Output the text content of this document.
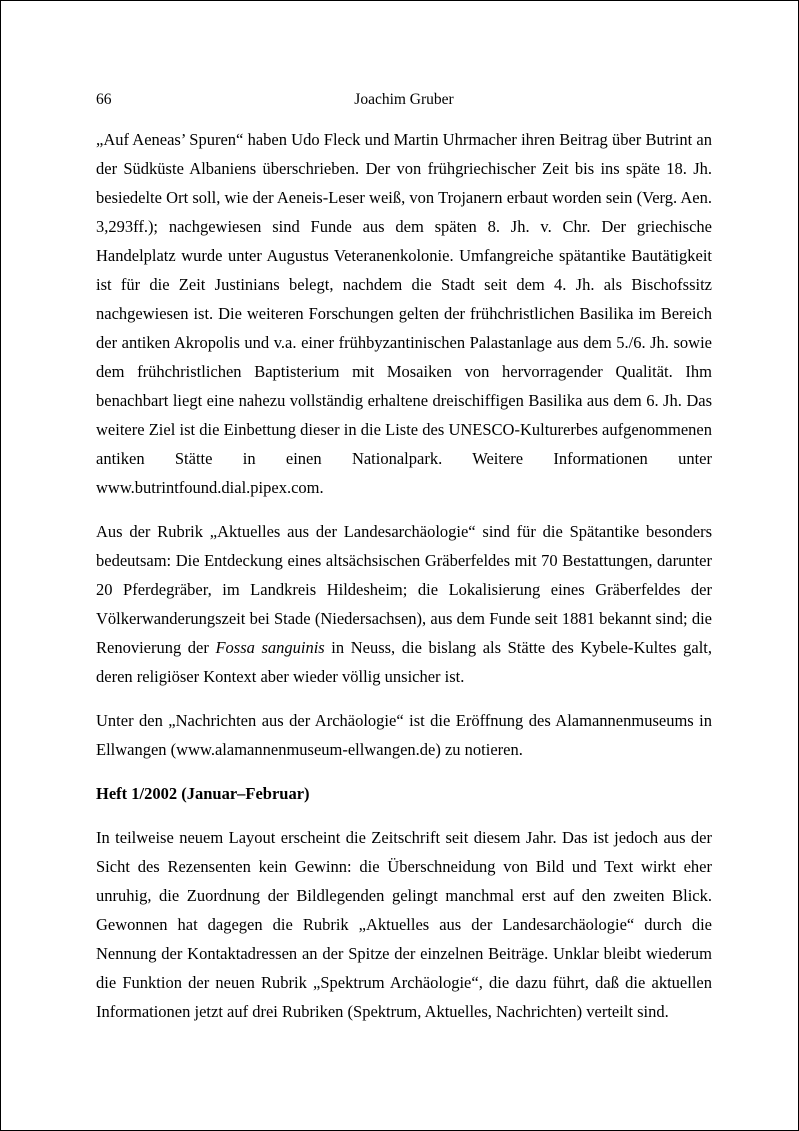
66	Joachim Gruber

„Auf Aeneas’ Spuren“ haben Udo Fleck und Martin Uhrmacher ihren Beitrag über Butrint an der Südküste Albaniens überschrieben. Der von frühgriechischer Zeit bis ins späte 18. Jh. besiedelte Ort soll, wie der Aeneis-Leser weiß, von Trojanern erbaut worden sein (Verg. Aen. 3,293ff.); nachgewiesen sind Funde aus dem späten 8. Jh. v. Chr. Der griechische Handelplatz wurde unter Augustus Veteranenkolonie. Umfangreiche spätantike Bautätigkeit ist für die Zeit Justinians belegt, nachdem die Stadt seit dem 4. Jh. als Bischofssitz nachgewiesen ist. Die weiteren Forschungen gelten der frühchristlichen Basilika im Bereich der antiken Akropolis und v.a. einer frühbyzantinischen Palastanlage aus dem 5./6. Jh. sowie dem frühchristlichen Baptisterium mit Mosaiken von hervorragender Qualität. Ihm benachbart liegt eine nahezu vollständig erhaltene dreischiffigen Basilika aus dem 6. Jh. Das weitere Ziel ist die Einbettung dieser in die Liste des UNESCO-Kulturerbes aufgenommenen antiken Stätte in einen Nationalpark. Weitere Informationen unter www.butrintfound.dial.pipex.com.

Aus der Rubrik „Aktuelles aus der Landesarchäologie“ sind für die Spätantike besonders bedeutsam: Die Entdeckung eines altsächsischen Gräberfeldes mit 70 Bestattungen, darunter 20 Pferdegräber, im Landkreis Hildesheim; die Lokalisierung eines Gräberfeldes der Völkerwanderungszeit bei Stade (Niedersachsen), aus dem Funde seit 1881 bekannt sind; die Renovierung der Fossa sanguinis in Neuss, die bislang als Stätte des Kybele-Kultes galt, deren religiöser Kontext aber wieder völlig unsicher ist.

Unter den „Nachrichten aus der Archäologie“ ist die Eröffnung des Alamannenmuseums in Ellwangen (www.alamannenmuseum-ellwangen.de) zu notieren.

Heft 1/2002 (Januar–Februar)

In teilweise neuem Layout erscheint die Zeitschrift seit diesem Jahr. Das ist jedoch aus der Sicht des Rezensenten kein Gewinn: die Überschneidung von Bild und Text wirkt eher unruhig, die Zuordnung der Bildlegenden gelingt manchmal erst auf den zweiten Blick. Gewonnen hat dagegen die Rubrik „Aktuelles aus der Landesarchäologie“ durch die Nennung der Kontaktadressen an der Spitze der einzelnen Beiträge. Unklar bleibt wiederum die Funktion der neuen Rubrik „Spektrum Archäologie“, die dazu führt, daß die aktuellen Informationen jetzt auf drei Rubriken (Spektrum, Aktuelles, Nachrichten) verteilt sind.
